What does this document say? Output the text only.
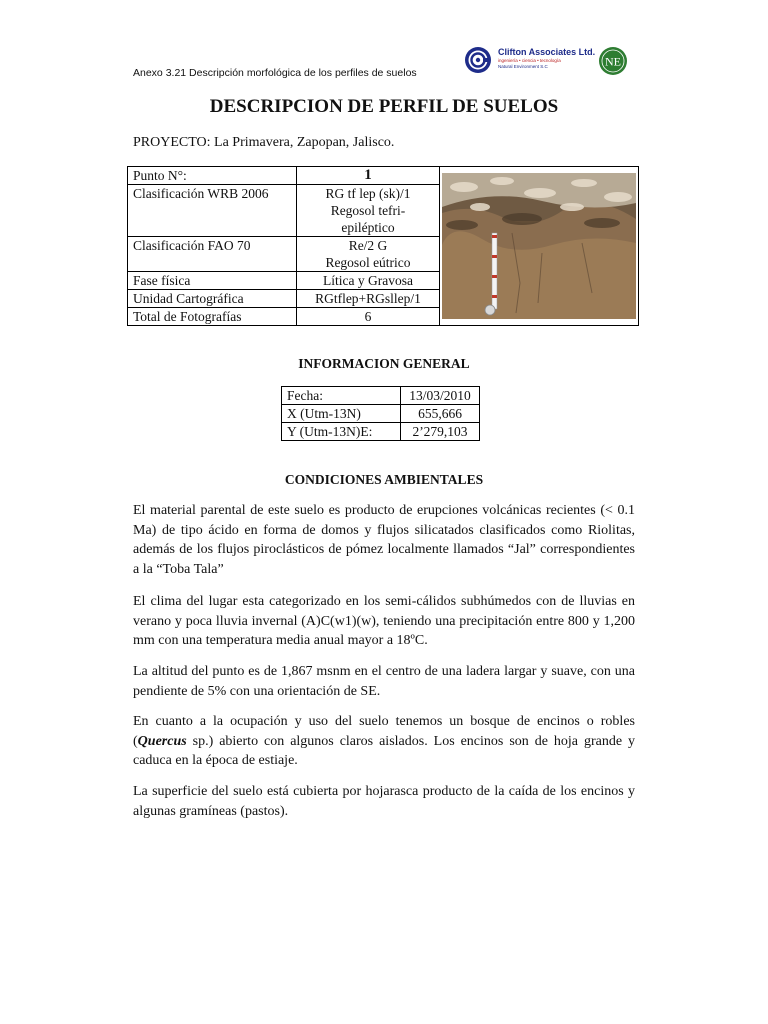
Anexo 3.21 Descripción morfológica de los perfiles de suelos
Clifton Associates Ltd.
ingeniería • ciencia • tecnología
Natural Environment S.C	NE
DESCRIPCION DE PERFIL DE SUELOS
PROYECTO: La Primavera, Zapopan, Jalisco.
Punto N°:	1	

Clasificación WRB 2006	RG tf lep (sk)/1
Regosol tefri-
epiléptico	

Clasificación FAO 70	Re/2 G
Regosol eútrico	

Fase física	Lítica y Gravosa	
Unidad Cartográfica	RGtflep+RGsllep/1	
Total de Fotografías	6	
INFORMACION GENERAL
Fecha:	13/03/2010
X (Utm-13N)	655,666
Y (Utm-13N)E:	2’279,103
CONDICIONES AMBIENTALES

El material parental de este suelo es producto de erupciones volcánicas recientes (< 0.1 Ma) de tipo ácido en forma de domos y flujos silicatados clasificados como Riolitas, además de los flujos piroclásticos de pómez localmente llamados “Jal” correspondientes a la “Toba Tala”

El clima del lugar esta categorizado en los semi-cálidos subhúmedos con de lluvias en verano y poca lluvia invernal (A)C(w1)(w), teniendo una precipitación entre 800 y 1,200 mm con una temperatura media anual mayor a 18ºC.

La altitud del punto es de 1,867 msnm en el centro de una ladera largar y suave, con una pendiente de 5% con una orientación de SE.

En cuanto a la ocupación y uso del suelo tenemos un bosque de encinos o robles (Quercus sp.) abierto con algunos claros aislados. Los encinos son de hoja grande y caduca en la época de estiaje.

La superficie del suelo está cubierta por hojarasca producto de la caída de los encinos y algunas gramíneas (pastos).
